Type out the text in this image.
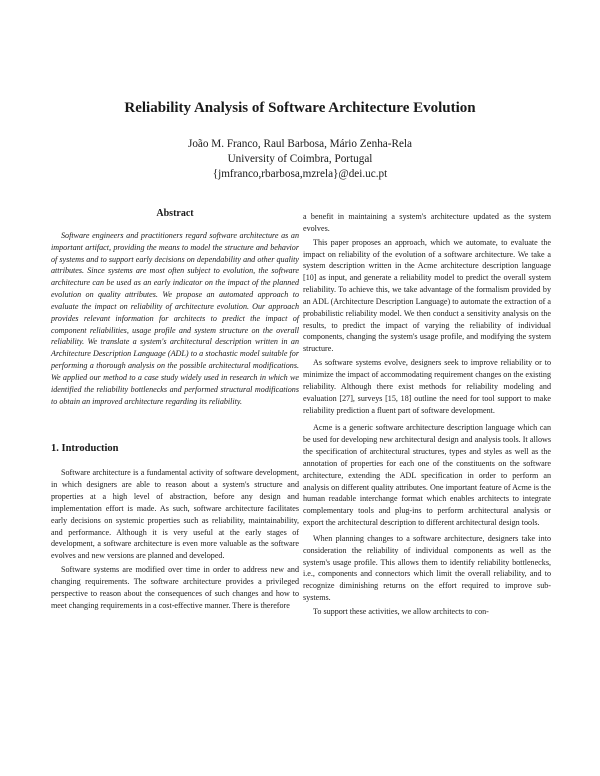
Reliability Analysis of Software Architecture Evolution
João M. Franco, Raul Barbosa, Mário Zenha-Rela
University of Coimbra, Portugal
{jmfranco,rbarbosa,mzrela}@dei.uc.pt
Abstract

Software engineers and practitioners regard software architecture as an important artifact, providing the means to model the structure and behavior of systems and to support early decisions on dependability and other quality attributes. Since systems are most often subject to evolution, the software architecture can be used as an early indicator on the impact of the planned evolution on quality attributes. We propose an automated approach to evaluate the impact on reliability of architecture evolution. Our approach provides relevant information for architects to predict the impact of component reliabilities, usage profile and system structure on the overall reliability. We translate a system's architectural description written in an Architecture Description Language (ADL) to a stochastic model suitable for performing a thorough analysis on the possible architectural modifications. We applied our method to a case study widely used in research in which we identified the reliability bottlenecks and performed structural modifications to obtain an improved architecture regarding its reliability.

1. Introduction

Software architecture is a fundamental activity of software development, in which designers are able to reason about a system's structure and properties at a high level of abstraction, before any design and implementation effort is made. As such, software architecture facilitates early decisions on systemic properties such as reliability, maintainability, and performance. Although it is very useful at the early stages of development, a software architecture is even more valuable as the software evolves and new versions are planned and developed.

Software systems are modified over time in order to address new and changing requirements. The software architecture provides a privileged perspective to reason about the consequences of such changes and how to meet changing requirements in a cost-effective manner. There is therefore

a benefit in maintaining a system's architecture updated as the system evolves.

This paper proposes an approach, which we automate, to evaluate the impact on reliability of the evolution of a software architecture. We take a system description written in the Acme architecture description language [10] as input, and generate a reliability model to predict the overall system reliability. To achieve this, we take advantage of the formalism provided by an ADL (Architecture Description Language) to automate the extraction of a probabilistic reliability model. We then conduct a sensitivity analysis on the results, to predict the impact of varying the reliability of individual components, changing the system's usage profile, and modifying the system structure.

As software systems evolve, designers seek to improve reliability or to minimize the impact of accommodating requirement changes on the existing reliability. Although there exist methods for reliability modeling and evaluation [27], surveys [15, 18] outline the need for tool support to make reliability prediction a fluent part of software development.

Acme is a generic software architecture description language which can be used for developing new architectural design and analysis tools. It allows the specification of architectural structures, types and styles as well as the annotation of properties for each one of the constituents on the software architecture, extending the ADL specification in order to perform an analysis on different quality attributes. One important feature of Acme is the human readable interchange format which enables architects to integrate complementary tools and plug-ins to perform architectural analysis or export the architectural description to different architectural design tools.

When planning changes to a software architecture, designers take into consideration the reliability of individual components as well as the system's usage profile. This allows them to identify reliability bottlenecks, i.e., components and connectors which limit the overall reliability, and to recognize diminishing returns on the effort required to improve sub-systems.

To support these activities, we allow architects to con-
